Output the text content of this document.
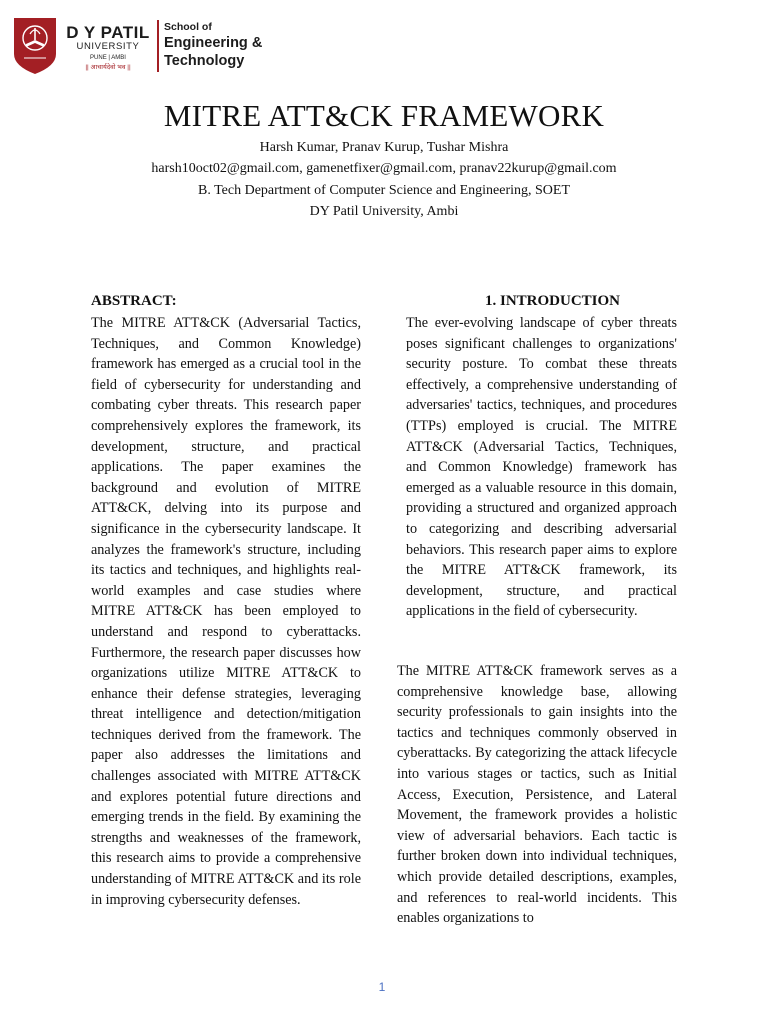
D Y PATIL
UNIVERSITY
PUNE | AMBI
|| आचार्यदेवो भव ||
School of
Engineering &
Technology
MITRE ATT&CK FRAMEWORK
Harsh Kumar, Pranav Kurup, Tushar Mishra
harsh10oct02@gmail.com, gamenetfixer@gmail.com, pranav22kurup@gmail.com
B. Tech Department of Computer Science and Engineering, SOET
DY Patil University, Ambi
ABSTRACT:

The MITRE ATT&CK (Adversarial Tactics, Techniques, and Common Knowledge) framework has emerged as a crucial tool in the field of cybersecurity for understanding and combating cyber threats. This research paper comprehensively explores the framework, its development, structure, and practical applications. The paper examines the background and evolution of MITRE ATT&CK, delving into its purpose and significance in the cybersecurity landscape. It analyzes the framework's structure, including its tactics and techniques, and highlights real-world examples and case studies where MITRE ATT&CK has been employed to understand and respond to cyberattacks. Furthermore, the research paper discusses how organizations utilize MITRE ATT&CK to enhance their defense strategies, leveraging threat intelligence and detection/mitigation techniques derived from the framework. The paper also addresses the limitations and challenges associated with MITRE ATT&CK and explores potential future directions and emerging trends in the field. By examining the strengths and weaknesses of the framework, this research aims to provide a comprehensive understanding of MITRE ATT&CK and its role in improving cybersecurity defenses.

1. INTRODUCTION

The ever-evolving landscape of cyber threats poses significant challenges to organizations' security posture. To combat these threats effectively, a comprehensive understanding of adversaries' tactics, techniques, and procedures (TTPs) employed is crucial. The MITRE ATT&CK (Adversarial Tactics, Techniques, and Common Knowledge) framework has emerged as a valuable resource in this domain, providing a structured and organized approach to categorizing and describing adversarial behaviors. This research paper aims to explore the MITRE ATT&CK framework, its development, structure, and practical applications in the field of cybersecurity.

The MITRE ATT&CK framework serves as a comprehensive knowledge base, allowing security professionals to gain insights into the tactics and techniques commonly observed in cyberattacks. By categorizing the attack lifecycle into various stages or tactics, such as Initial Access, Execution, Persistence, and Lateral Movement, the framework provides a holistic view of adversarial behaviors. Each tactic is further broken down into individual techniques, which provide detailed descriptions, examples, and references to real-world incidents. This enables organizations to

1
